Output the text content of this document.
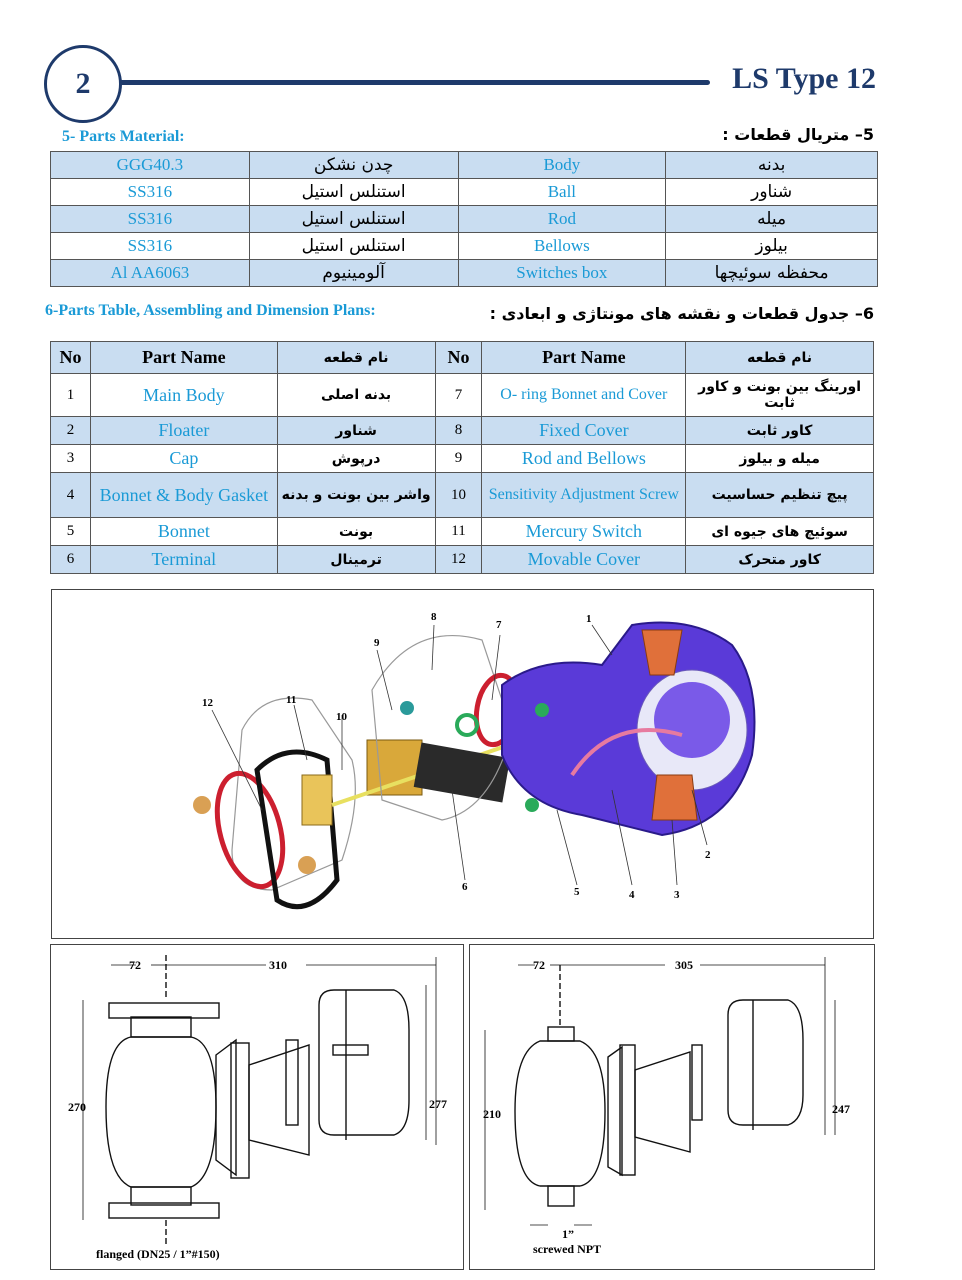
2	LS Type 12
5- Parts Material:	5– متریال قطعات :
GGG40.3	چدن نشکن	Body	بدنه
SS316	استنلس استیل	Ball	شناور
SS316	استنلس استیل	Rod	میله
SS316	استنلس استیل	Bellows	بیلوز
Al AA6063	آلومینیوم	Switches box	محفظه سوئیچها
6-Parts Table, Assembling and Dimension Plans:	6– جدول قطعات و نقشه های مونتاژی و ابعادی :
No	Part Name	نام قطعه	No	Part Name	نام قطعه
1	Main Body	بدنه اصلی	7	O- ring Bonnet and Cover	اورینگ بین بونت و کاور ثابت
2	Floater	شناور	8	Fixed Cover	کاور ثابت
3	Cap	درپوش	9	Rod and Bellows	میله و بیلوز
4	Bonnet & Body Gasket	واشر بین بونت و بدنه	10	Sensitivity Adjustment Screw	پیچ تنظیم حساسیت
5	Bonnet	بونت	11	Mercury Switch	سوئیچ های جیوه ای
6	Terminal	ترمینال	12	Movable Cover	کاور متحرک
1
2
3
4
5
6
7
8
9
10
11
12
72	310
270	277
flanged (DN25 / 1”#150)
72	305
210	247
1”
screwed NPT
